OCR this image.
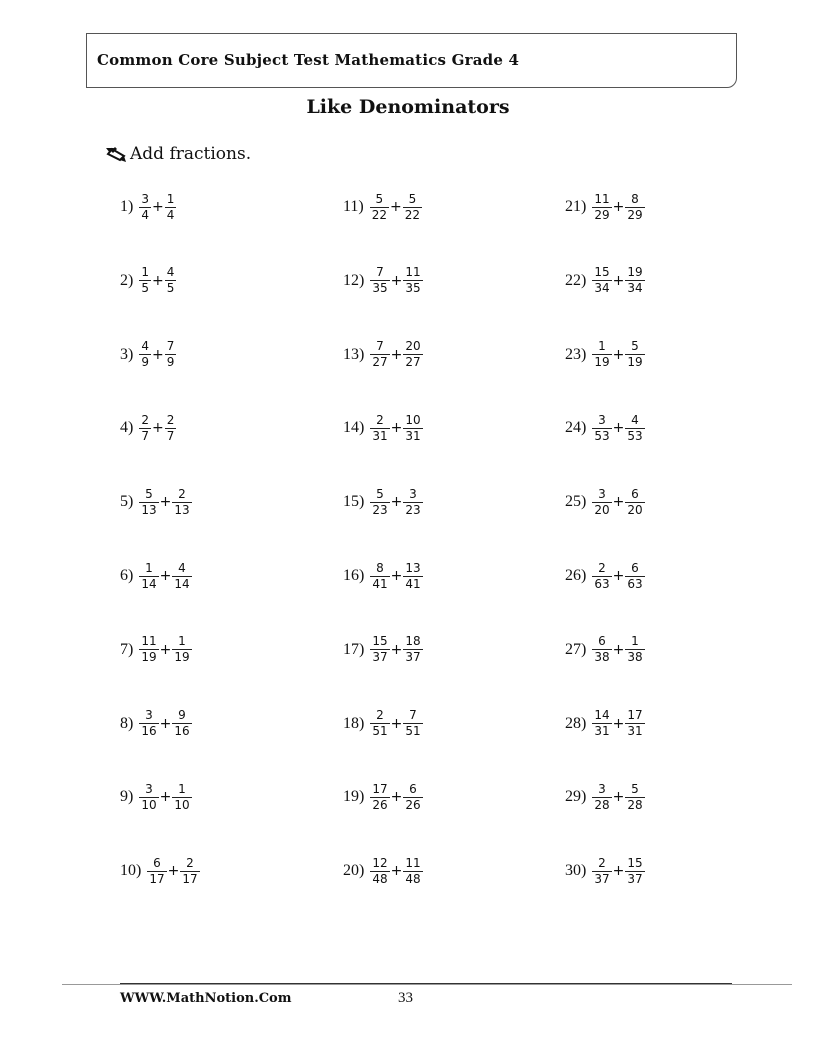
Common Core Subject Test Mathematics Grade 4
Like Denominators
Add fractions.
$1) \frac{3}{4} + \frac{1}{4}$
$2) \frac{1}{5} + \frac{4}{5}$
$3) \frac{4}{9} + \frac{7}{9}$
$4) \frac{2}{7} + \frac{2}{7}$
$5) \frac{5}{13} + \frac{2}{13}$
$6) \frac{1}{14} + \frac{4}{14}$
$7) \frac{11}{19} + \frac{1}{19}$
$8) \frac{3}{16} + \frac{9}{16}$
$9) \frac{3}{10} + \frac{1}{10}$
$10) \frac{6}{17} + \frac{2}{17}$
$11) \frac{5}{22} + \frac{5}{22}$
$12) \frac{7}{35} + \frac{11}{35}$
$13) \frac{7}{27} + \frac{20}{27}$
$14) \frac{2}{31} + \frac{10}{31}$
$15) \frac{5}{23} + \frac{3}{23}$
$16) \frac{8}{41} + \frac{13}{41}$
$17) \frac{15}{37} + \frac{18}{37}$
$18) \frac{2}{51} + \frac{7}{51}$
$19) \frac{17}{26} + \frac{6}{26}$
$20) \frac{12}{48} + \frac{11}{48}$
$21) \frac{11}{29} + \frac{8}{29}$
$22) \frac{15}{34} + \frac{19}{34}$
$23) \frac{1}{19} + \frac{5}{19}$
$24) \frac{3}{53} + \frac{4}{53}$
$25) \frac{3}{20} + \frac{6}{20}$
$26) \frac{2}{63} + \frac{6}{63}$
$27) \frac{6}{38} + \frac{1}{38}$
$28) \frac{14}{31} + \frac{17}{31}$
$29) \frac{3}{28} + \frac{5}{28}$
$30) \frac{2}{37} + \frac{15}{37}$
WWW.MathNotion.Com	33
